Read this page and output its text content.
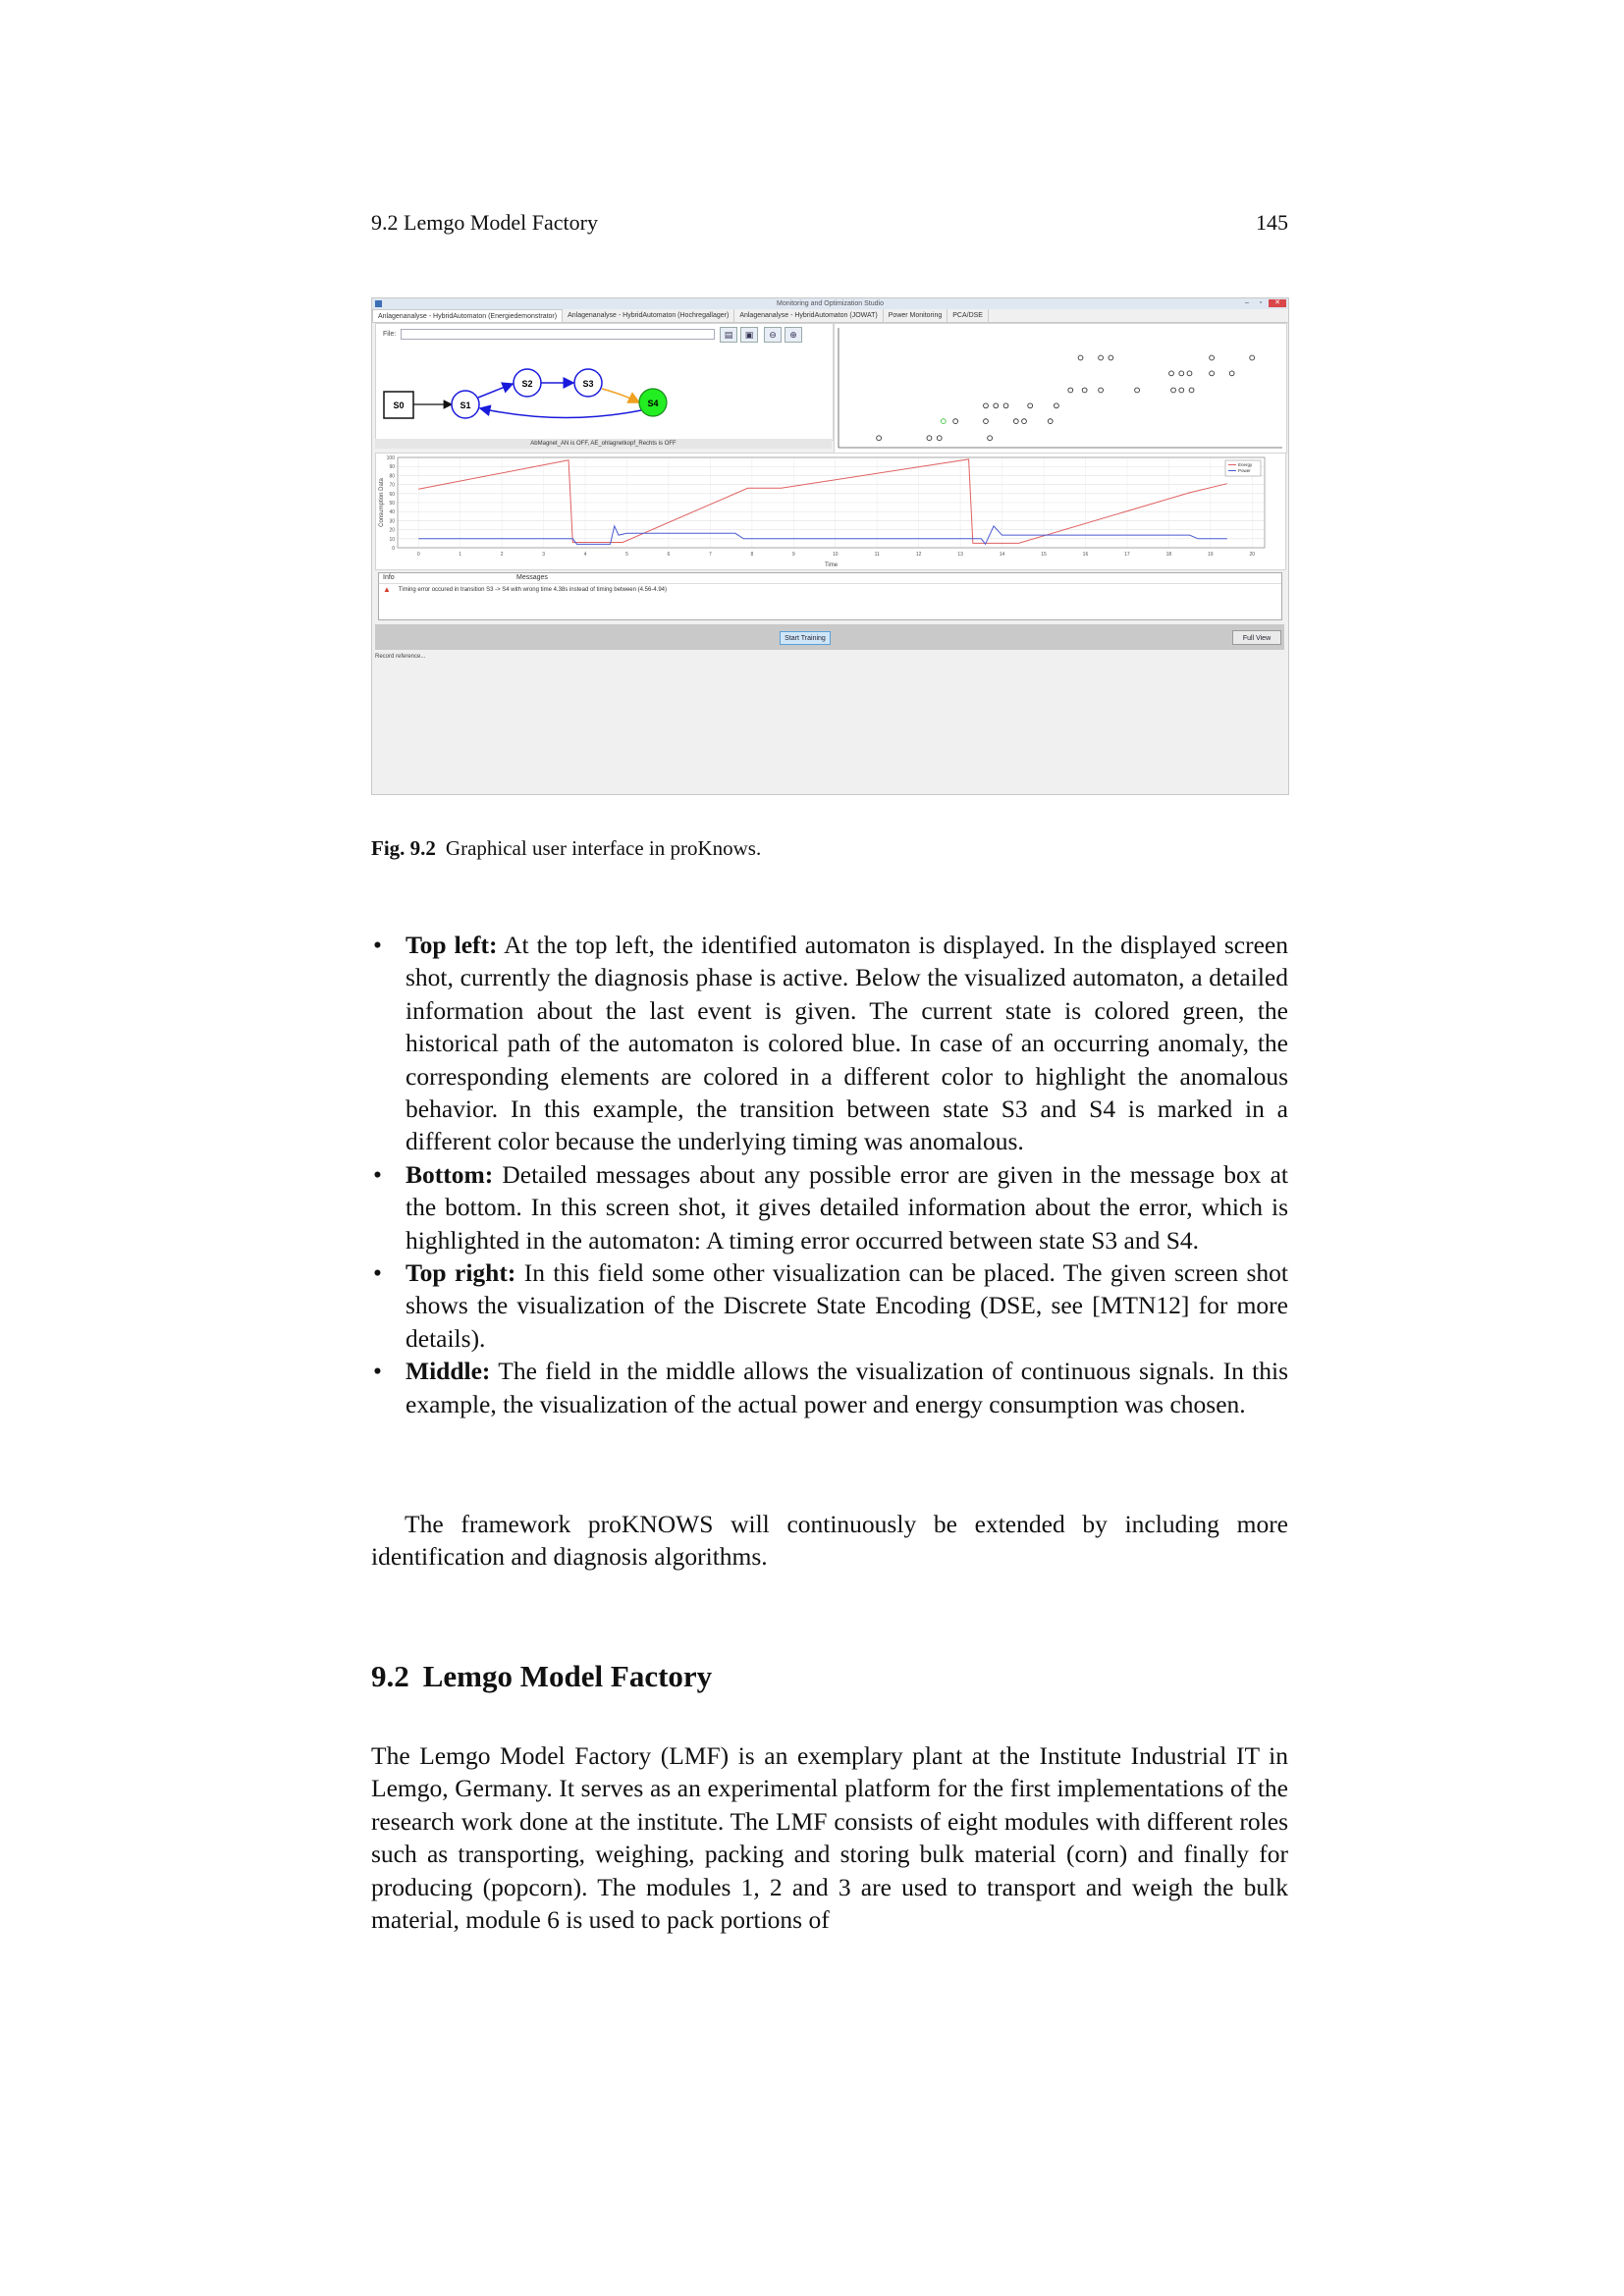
9.2 Lemgo Model Factory	145
Monitoring and Optimization Studio	–	▫	✕
Anlagenanalyse - HybridAutomaton (Energiedemonstrator)	Anlagenanalyse - HybridAutomaton (Hochregallager)	Anlagenanalyse - HybridAutomaton (JOWAT)	Power Monitoring	PCA/DSE
File:	▤	▣	⊖	⊕
S0	S1
S2	S3
S4
AbMagnet_AN is OFF, AE_ohlagnetkopf_Rechts is OFF
0
10
20
30
40
50
60
70
80
90
100
0	1	2	3	4	5	6	7	8	9	10	11	12	13	14	15	16	17	18	19	20
Time
Consumption Data
Energy
Power
Info	Messages
▲ Timing error occured in transition S3 -> S4 with wrong time 4.38s instead of timing between (4.56-4.94)
Start Training	Full View
Record reference...
Fig. 9.2 Graphical user interface in proKnows.
• Top left: At the top left, the identified automaton is displayed. In the displayed screen shot, currently the diagnosis phase is active. Below the visualized automaton, a detailed information about the last event is given. The current state is colored green, the historical path of the automaton is colored blue. In case of an occurring anomaly, the corresponding elements are colored in a different color to highlight the anomalous behavior. In this example, the transition between state S3 and S4 is marked in a different color because the underlying timing was anomalous.
• Bottom: Detailed messages about any possible error are given in the message box at the bottom. In this screen shot, it gives detailed information about the error, which is highlighted in the automaton: A timing error occurred between state S3 and S4.
• Top right: In this field some other visualization can be placed. The given screen shot shows the visualization of the Discrete State Encoding (DSE, see [MTN12] for more details).
• Middle: The field in the middle allows the visualization of continuous signals. In this example, the visualization of the actual power and energy consumption was chosen.
The framework proKNOWS will continuously be extended by including more identification and diagnosis algorithms.
9.2 Lemgo Model Factory
The Lemgo Model Factory (LMF) is an exemplary plant at the Institute Industrial IT in Lemgo, Germany. It serves as an experimental platform for the first implementations of the research work done at the institute. The LMF consists of eight modules with different roles such as transporting, weighing, packing and storing bulk material (corn) and finally for producing (popcorn). The modules 1, 2 and 3 are used to transport and weigh the bulk material, module 6 is used to pack portions of
